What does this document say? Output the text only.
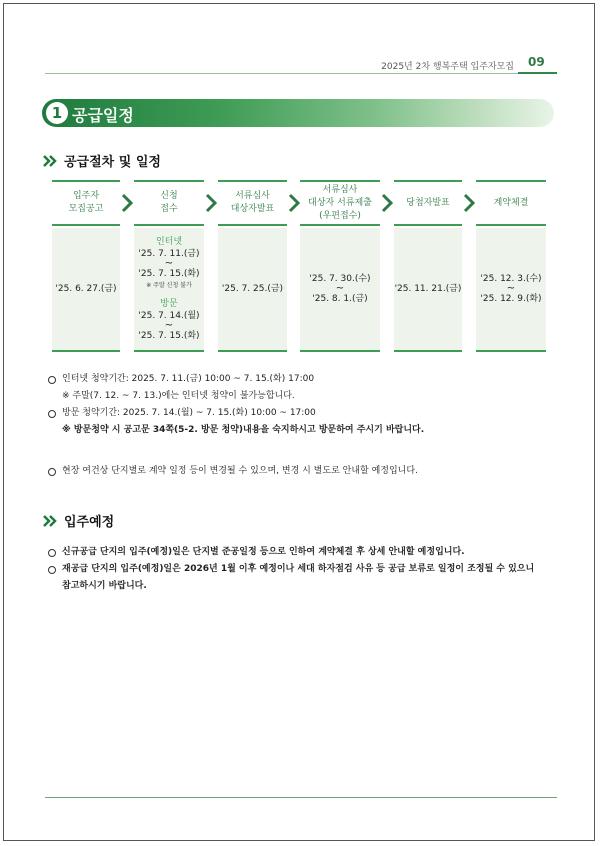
2025년 2차 행복주택 입주자모집 09
1 공급일정
공급절차 및 일정
입주자
모집공고
신청
접수
서류심사
대상자발표
서류심사
대상자 서류제출
(우편접수)
당첨자발표	계약체결
'25. 6. 27.(금)
인터넷
'25. 7. 11.(금)
~
'25. 7. 15.(화)
※ 주말 신청 불가
방문
'25. 7. 14.(월)
~
'25. 7. 15.(화)
'25. 7. 25.(금)
'25. 7. 30.(수)
~
'25. 8. 1.(금)
'25. 11. 21.(금)
'25. 12. 3.(수)
~
'25. 12. 9.(화)
인터넷 청약기간: 2025. 7. 11.(금) 10:00 ~ 7. 15.(화) 17:00
※ 주말(7. 12. ~ 7. 13.)에는 인터넷 청약이 불가능합니다.
방문 청약기간: 2025. 7. 14.(월) ~ 7. 15.(화) 10:00 ~ 17:00
※ 방문청약 시 공고문 34쪽(5-2. 방문 청약)내용을 숙지하시고 방문하여 주시기 바랍니다.
현장 여건상 단지별로 계약 일정 등이 변경될 수 있으며, 변경 시 별도로 안내할 예정입니다.
입주예정
신규공급 단지의 입주(예정)일은 단지별 준공일정 등으로 인하여 계약체결 후 상세 안내할 예정입니다.
재공급 단지의 입주(예정)일은 2026년 1월 이후 예정이나 세대 하자점검 사유 등 공급 보류로 일정이 조정될 수 있으니
참고하시기 바랍니다.
